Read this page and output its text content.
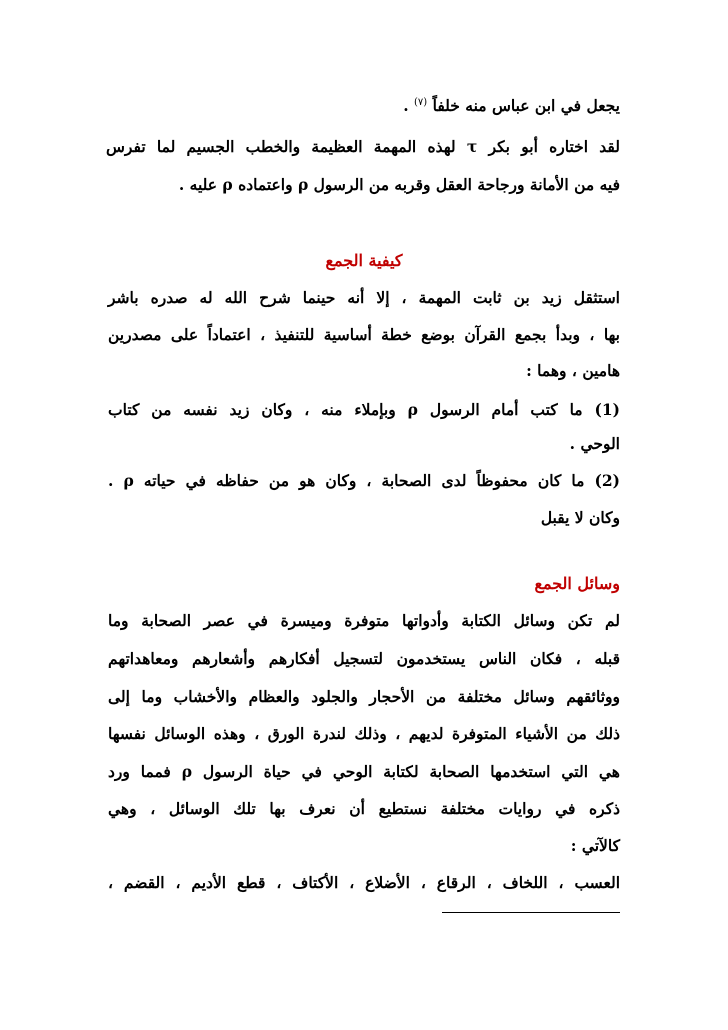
يجعل في ابن عباس منه خلفاً $^{(٧)}$ .
لقد اختاره أبو بكر τ لهذه المهمة العظيمة والخطب الجسيم لما تفرس
فيه من الأمانة ورجاحة العقل وقربه من الرسول ρ واعتماده ρ عليه .
كيفية الجمع
استثقل زيد بن ثابت المهمة ، إلا أنه حينما شرح الله له صدره باشر
بها ، وبدأ بجمع القرآن بوضع خطة أساسية للتنفيذ ، اعتماداً على مصدرين
هامين ، وهما :
(1) ما كتب أمام الرسول ρ وبإملاء منه ، وكان زيد نفسه من كتاب
الوحي .
(2) ما كان محفوظاً لدى الصحابة ، وكان هو من حفاظه في حياته ρ .
وكان لا يقبل
وسائل الجمع
لم تكن وسائل الكتابة وأدواتها متوفرة وميسرة في عصر الصحابة وما
قبله ، فكان الناس يستخدمون لتسجيل أفكارهم وأشعارهم ومعاهداتهم
ووثائقهم وسائل مختلفة من الأحجار والجلود والعظام والأخشاب وما إلى
ذلك من الأشياء المتوفرة لديهم ، وذلك لندرة الورق ، وهذه الوسائل نفسها
هي التي استخدمها الصحابة لكتابة الوحي في حياة الرسول ρ فمما ورد
ذكره في روايات مختلفة نستطيع أن نعرف بها تلك الوسائل ، وهي
كالآتي :
العسب ، اللخاف ، الرقاع ، الأضلاع ، الأكتاف ، قطع الأديم ، القضم ،
